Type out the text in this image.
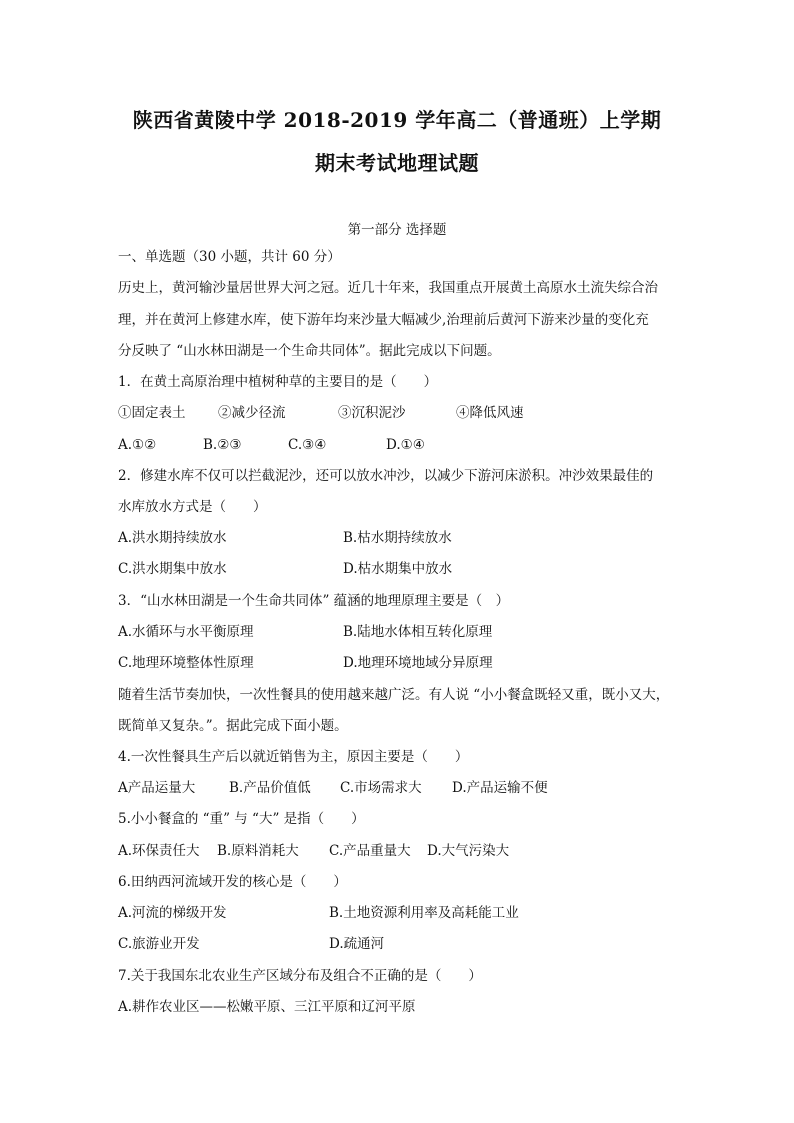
陕西省黄陵中学 2018-2019 学年高二（普通班）上学期
期末考试地理试题
第一部分 选择题
一、单选题（30 小题，共计 60 分）
历史上，黄河输沙量居世界大河之冠。近几十年来，我国重点开展黄土高原水土流失综合治
理，并在黄河上修建水库，使下游年均来沙量大幅减少,治理前后黄河下游来沙量的变化充
分反映了 “山水林田湖是一个生命共同体”。据此完成以下问题。
1．在黄土高原治理中植树种草的主要目的是（　　）
①固定表土 ②减少径流	③沉积泥沙	④降低风速
A.①②	B.②③	C.③④	D.①④
2．修建水库不仅可以拦截泥沙，还可以放水冲沙，以减少下游河床淤积。冲沙效果最佳的
水库放水方式是（　　）
A.洪水期持续放水	B.枯水期持续放水
C.洪水期集中放水	D.枯水期集中放水
3．“山水林田湖是一个生命共同体” 蕴涵的地理原理主要是（　）
A.水循环与水平衡原理	B.陆地水体相互转化原理
C.地理环境整体性原理	D.地理环境地域分异原理
随着生活节奏加快，一次性餐具的使用越来越广泛。有人说 “小小餐盒既轻又重，既小又大，
既简单又复杂。”。据此完成下面小题。
4.一次性餐具生产后以就近销售为主，原因主要是（　　）
A产品运量大	B.产品价值低 C.市场需求大 D.产品运输不便
5.小小餐盒的 “重” 与 “大” 是指（　　）
A.环保责任大 B.原料消耗大 C.产品重量大 D.大气污染大
6.田纳西河流域开发的核心是（　　）
A.河流的梯级开发	B.土地资源利用率及高耗能工业
C.旅游业开发	D.疏通河
7.关于我国东北农业生产区域分布及组合不正确的是（　　）
A.耕作农业区——松嫩平原、三江平原和辽河平原
